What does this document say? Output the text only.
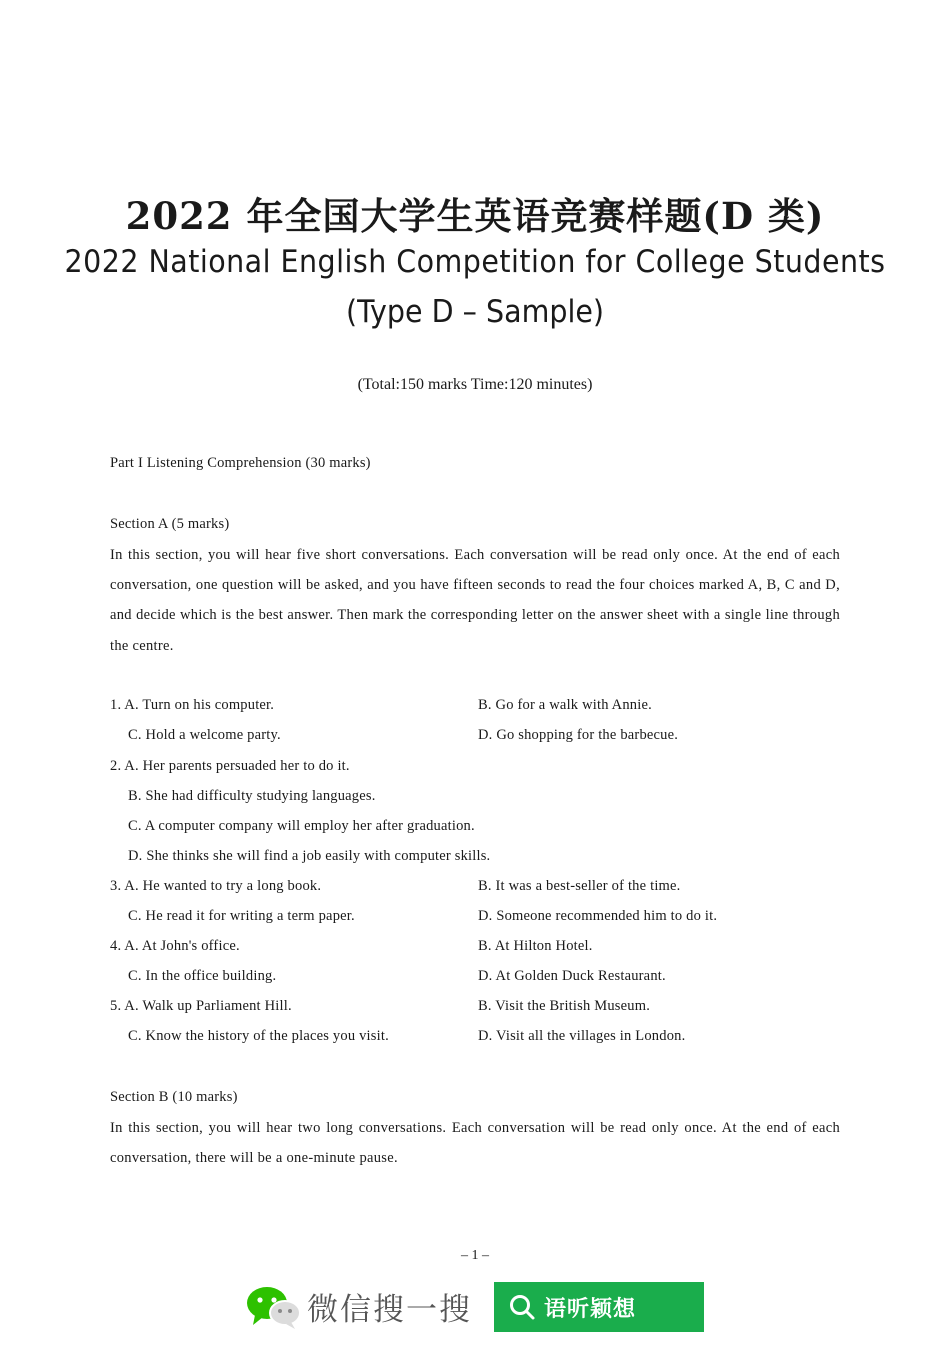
2022 年全国大学生英语竞赛样题(D 类)
2022 National English Competition for College Students
(Type D – Sample)
(Total:150 marks Time:120 minutes)
Part I Listening Comprehension (30 marks)
Section A (5 marks)
In this section, you will hear five short conversations. Each conversation will be read only once. At the end of each conversation, one question will be asked, and you have fifteen seconds to read the four choices marked A, B, C and D, and decide which is the best answer. Then mark the corresponding letter on the answer sheet with a single line through the centre.
1. A. Turn on his computer.	B. Go for a walk with Annie.
C. Hold a welcome party.	D. Go shopping for the barbecue.
2. A. Her parents persuaded her to do it.
B. She had difficulty studying languages.
C. A computer company will employ her after graduation.
D. She thinks she will find a job easily with computer skills.
3. A. He wanted to try a long book.	B. It was a best-seller of the time.
C. He read it for writing a term paper.	D. Someone recommended him to do it.
4. A. At John's office.	B. At Hilton Hotel.
C. In the office building.	D. At Golden Duck Restaurant.
5. A. Walk up Parliament Hill.	B. Visit the British Museum.
C. Know the history of the places you visit.	D. Visit all the villages in London.
Section B (10 marks)
In this section, you will hear two long conversations. Each conversation will be read only once. At the end of each conversation, there will be a one-minute pause.
– 1 –
微信搜一搜	语听颖想
